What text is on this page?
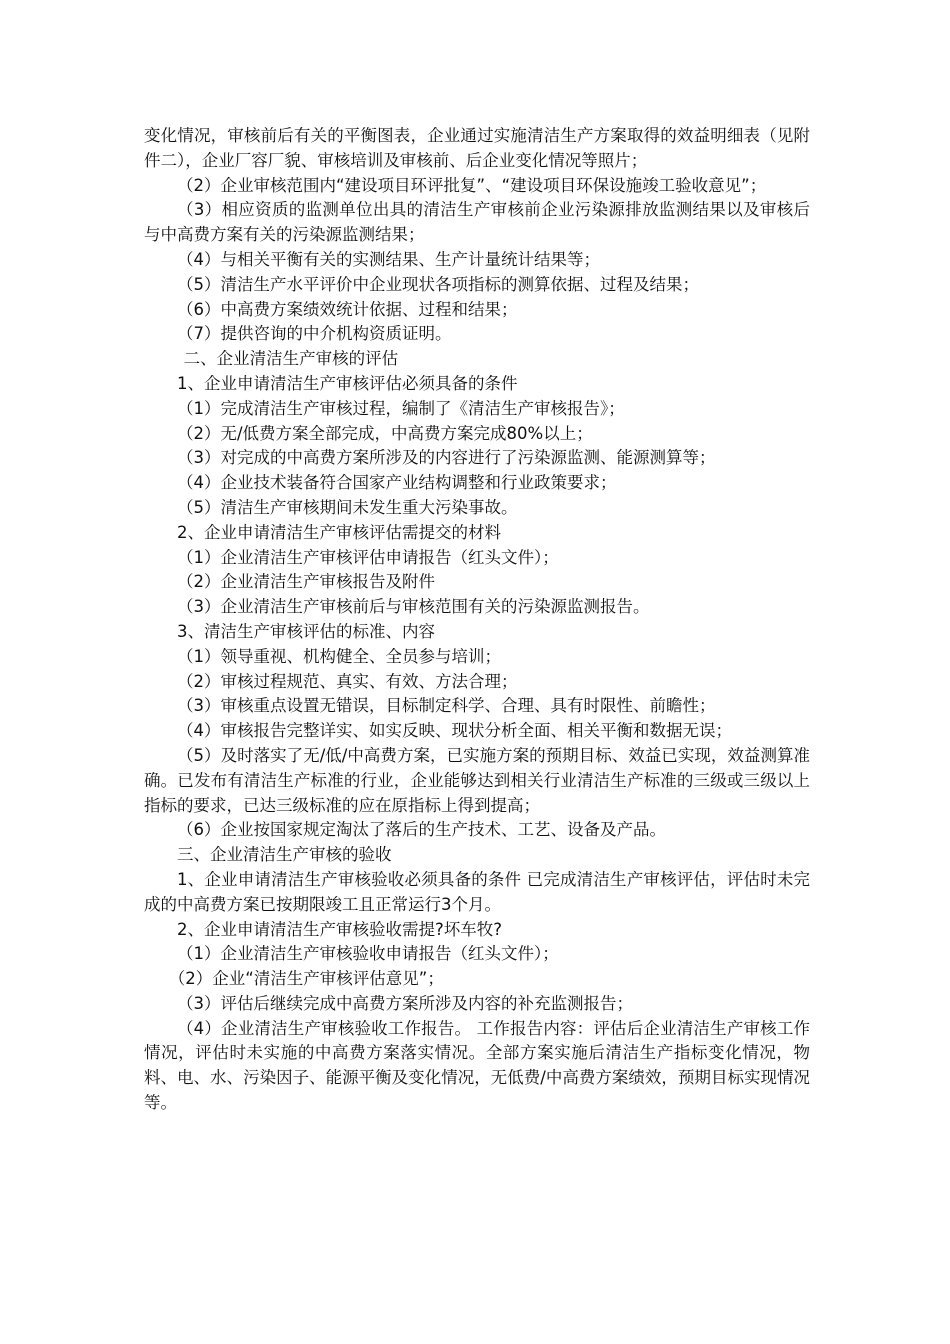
变化情况，审核前后有关的平衡图表，企业通过实施清洁生产方案取得的效益明细表（见附件二），企业厂容厂貌、审核培训及审核前、后企业变化情况等照片；

（2）企业审核范围内“建设项目环评批复”、“建设项目环保设施竣工验收意见”；

（3）相应资质的监测单位出具的清洁生产审核前企业污染源排放监测结果以及审核后与中高费方案有关的污染源监测结果；

（4）与相关平衡有关的实测结果、生产计量统计结果等；

（5）清洁生产水平评价中企业现状各项指标的测算依据、过程及结果；

（6）中高费方案绩效统计依据、过程和结果；

（7）提供咨询的中介机构资质证明。

二、企业清洁生产审核的评估

1、企业申请清洁生产审核评估必须具备的条件

（1）完成清洁生产审核过程，编制了《清洁生产审核报告》；

（2）无/低费方案全部完成，中高费方案完成80%以上；

（3）对完成的中高费方案所涉及的内容进行了污染源监测、能源测算等；

（4）企业技术装备符合国家产业结构调整和行业政策要求；

（5）清洁生产审核期间未发生重大污染事故。

2、企业申请清洁生产审核评估需提交的材料

（1）企业清洁生产审核评估申请报告（红头文件）；

（2）企业清洁生产审核报告及附件

（3）企业清洁生产审核前后与审核范围有关的污染源监测报告。

3、清洁生产审核评估的标准、内容

（1）领导重视、机构健全、全员参与培训；

（2）审核过程规范、真实、有效、方法合理；

（3）审核重点设置无错误，目标制定科学、合理、具有时限性、前瞻性；

（4）审核报告完整详实、如实反映、现状分析全面、相关平衡和数据无误；

（5）及时落实了无/低/中高费方案，已实施方案的预期目标、效益已实现，效益测算准确。已发布有清洁生产标准的行业，企业能够达到相关行业清洁生产标准的三级或三级以上指标的要求，已达三级标准的应在原指标上得到提高；

（6）企业按国家规定淘汰了落后的生产技术、工艺、设备及产品。

三、企业清洁生产审核的验收

1、企业申请清洁生产审核验收必须具备的条件 已完成清洁生产审核评估，评估时未完成的中高费方案已按期限竣工且正常运行3个月。

2、企业申请清洁生产审核验收需提?坏车牧?

（1）企业清洁生产审核验收申请报告（红头文件）；

（2）企业“清洁生产审核评估意见”；

（3）评估后继续完成中高费方案所涉及内容的补充监测报告；

（4）企业清洁生产审核验收工作报告。 工作报告内容：评估后企业清洁生产审核工作情况，评估时未实施的中高费方案落实情况。全部方案实施后清洁生产指标变化情况，物料、电、水、污染因子、能源平衡及变化情况，无低费/中高费方案绩效，预期目标实现情况等。
